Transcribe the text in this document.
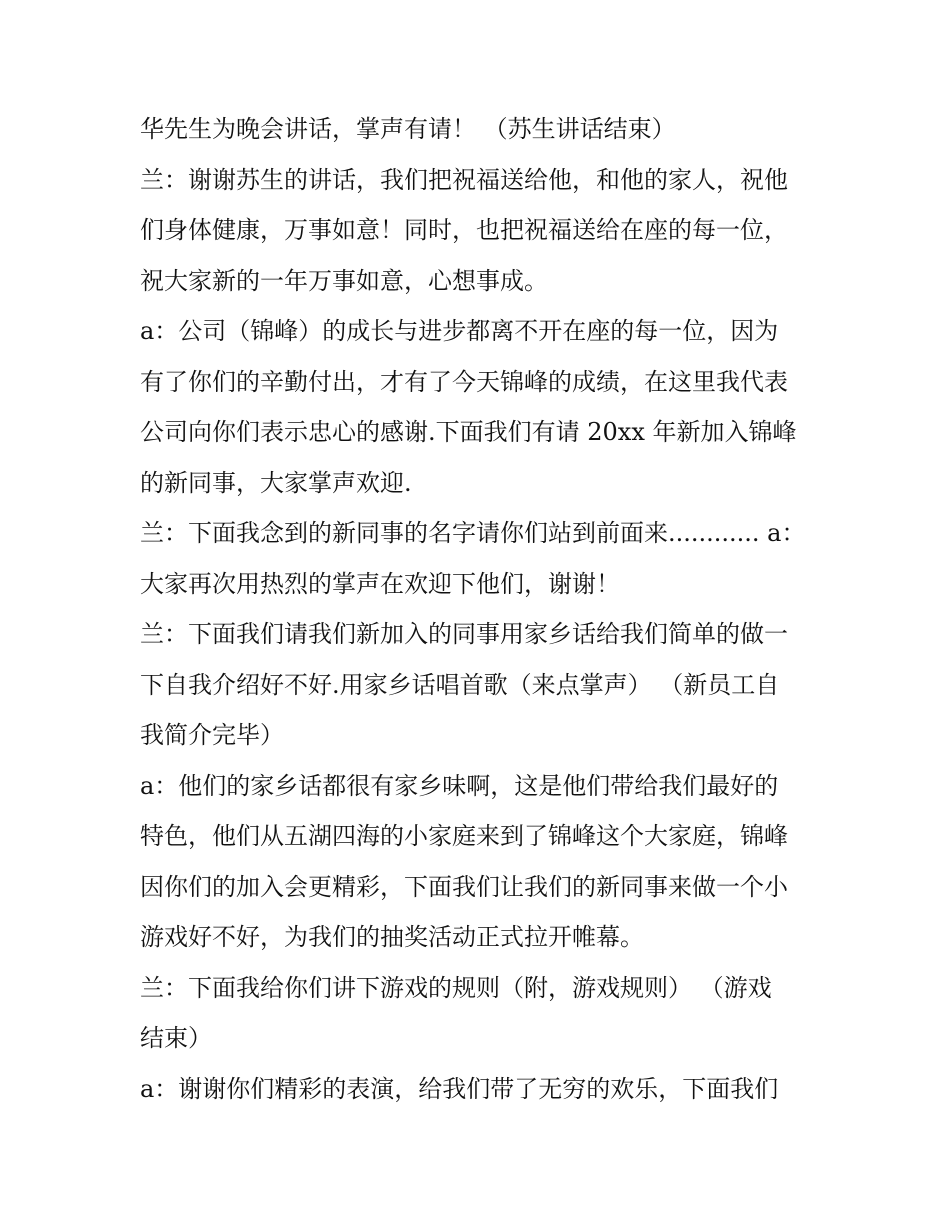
华先生为晚会讲话，掌声有请！ （苏生讲话结束）
兰：谢谢苏生的讲话，我们把祝福送给他，和他的家人，祝他
们身体健康，万事如意！同时，也把祝福送给在座的每一位，
祝大家新的一年万事如意，心想事成。
a：公司（锦峰）的成长与进步都离不开在座的每一位，因为
有了你们的辛勤付出，才有了今天锦峰的成绩，在这里我代表
公司向你们表示忠心的感谢.下面我们有请 20xx 年新加入锦峰
的新同事，大家掌声欢迎.
兰：下面我念到的新同事的名字请你们站到前面来............ a：
大家再次用热烈的掌声在欢迎下他们，谢谢！
兰：下面我们请我们新加入的同事用家乡话给我们简单的做一
下自我介绍好不好.用家乡话唱首歌（来点掌声） （新员工自
我简介完毕）
a：他们的家乡话都很有家乡味啊，这是他们带给我们最好的
特色，他们从五湖四海的小家庭来到了锦峰这个大家庭，锦峰
因你们的加入会更精彩，下面我们让我们的新同事来做一个小
游戏好不好，为我们的抽奖活动正式拉开帷幕。
兰：下面我给你们讲下游戏的规则（附，游戏规则） （游戏
结束）
a：谢谢你们精彩的表演，给我们带了无穷的欢乐，下面我们
